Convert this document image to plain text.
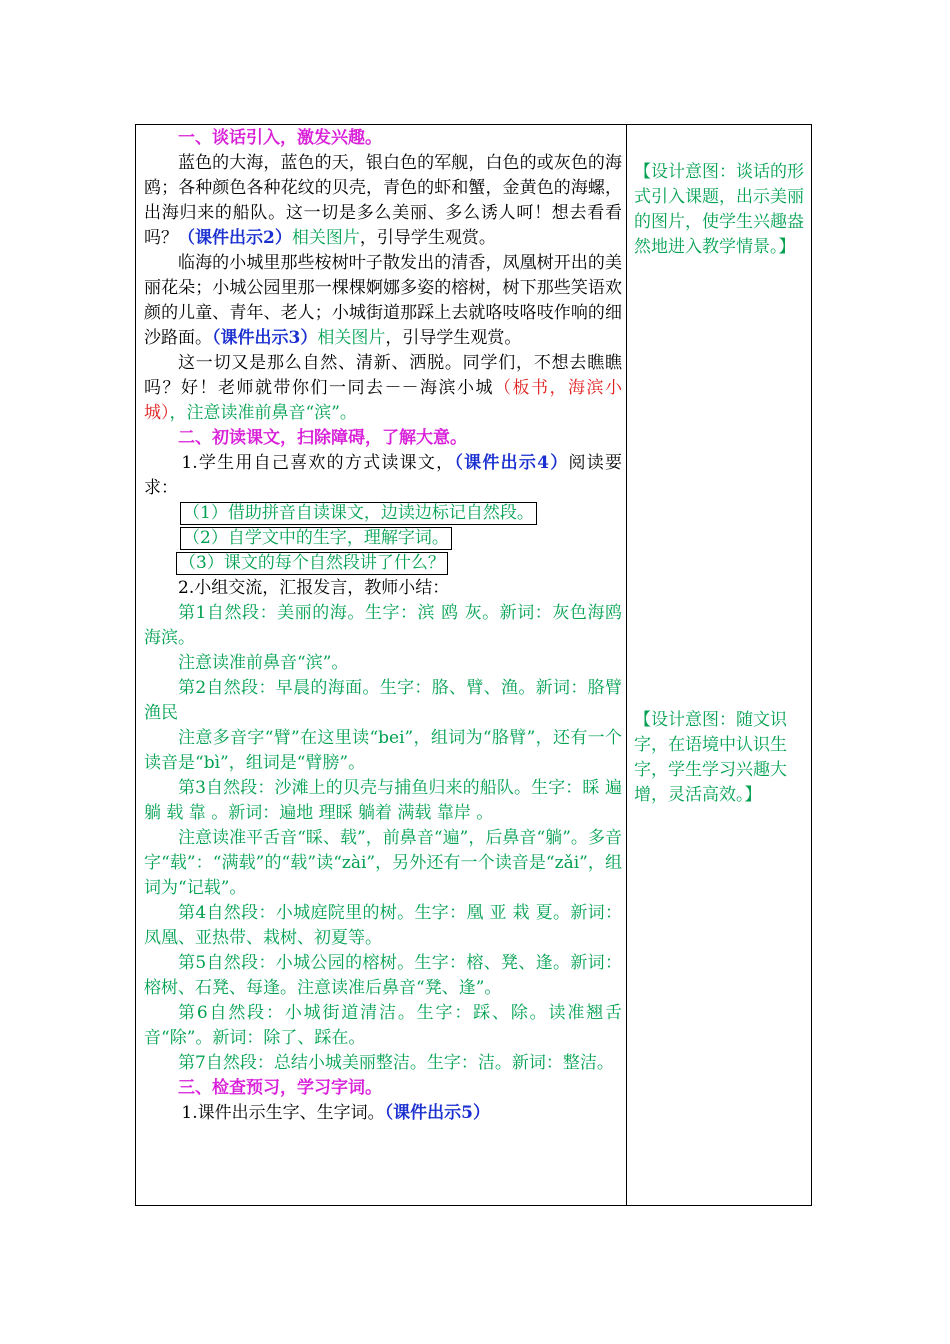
一、谈话引入，激发兴趣。

蓝色的大海，蓝色的天，银白色的军舰，白色的或灰色的海鸥；各种颜色各种花纹的贝壳，青色的虾和蟹，金黄色的海螺，出海归来的船队。这一切是多么美丽、多么诱人呵！想去看看吗？（课件出示2）相关图片，引导学生观赏。

临海的小城里那些桉树叶子散发出的清香，凤凰树开出的美丽花朵；小城公园里那一棵棵婀娜多姿的榕树，树下那些笑语欢颜的儿童、青年、老人；小城街道那踩上去就咯吱咯吱作响的细沙路面。（课件出示3）相关图片，引导学生观赏。

这一切又是那么自然、清新、洒脱。同学们，不想去瞧瞧吗？好！老师就带你们一同去－－海滨小城（板书，海滨小城），注意读准前鼻音“滨”。

二、初读课文，扫除障碍，了解大意。

1.学生用自己喜欢的方式读课文，（课件出示4）阅读要求：

（1）借助拼音自读课文，边读边标记自然段。

（2）自学文中的生字，理解字词。

（3）课文的每个自然段讲了什么？

2.小组交流，汇报发言，教师小结：

第1自然段：美丽的海。生字：滨 鸥 灰。新词：灰色海鸥 海滨。

注意读准前鼻音“滨”。

第2自然段：早晨的海面。生字：胳、臂、渔。新词：胳臂 渔民

注意多音字“臂”在这里读“bei”，组词为“胳臂”，还有一个读音是“bì”，组词是“臂膀”。

第3自然段：沙滩上的贝壳与捕鱼归来的船队。生字：睬 遍 躺 载 靠 。新词：遍地 理睬 躺着 满载 靠岸 。

注意读准平舌音“睬、载”，前鼻音“遍”，后鼻音“躺”。多音字“载”：“满载”的“载”读“zài”，另外还有一个读音是“zǎi”，组词为“记载”。

第4自然段：小城庭院里的树。生字：凰 亚 栽 夏。新词：凤凰、亚热带、栽树、初夏等。

第5自然段：小城公园的榕树。生字：榕、凳、逢。新词：榕树、石凳、每逢。注意读准后鼻音“凳、逢”。

第6自然段：小城街道清洁。生字：踩、除。读准翘舌音“除”。新词：除了、踩在。

第7自然段：总结小城美丽整洁。生字：洁。新词：整洁。

三、检查预习，学习字词。

1.课件出示生字、生字词。（课件出示5）

【设计意图：谈话的形式引入课题，出示美丽的图片，使学生兴趣盎然地进入教学情景。】
【设计意图：随文识字，在语境中认识生字，学生学习兴趣大增，灵活高效。】
